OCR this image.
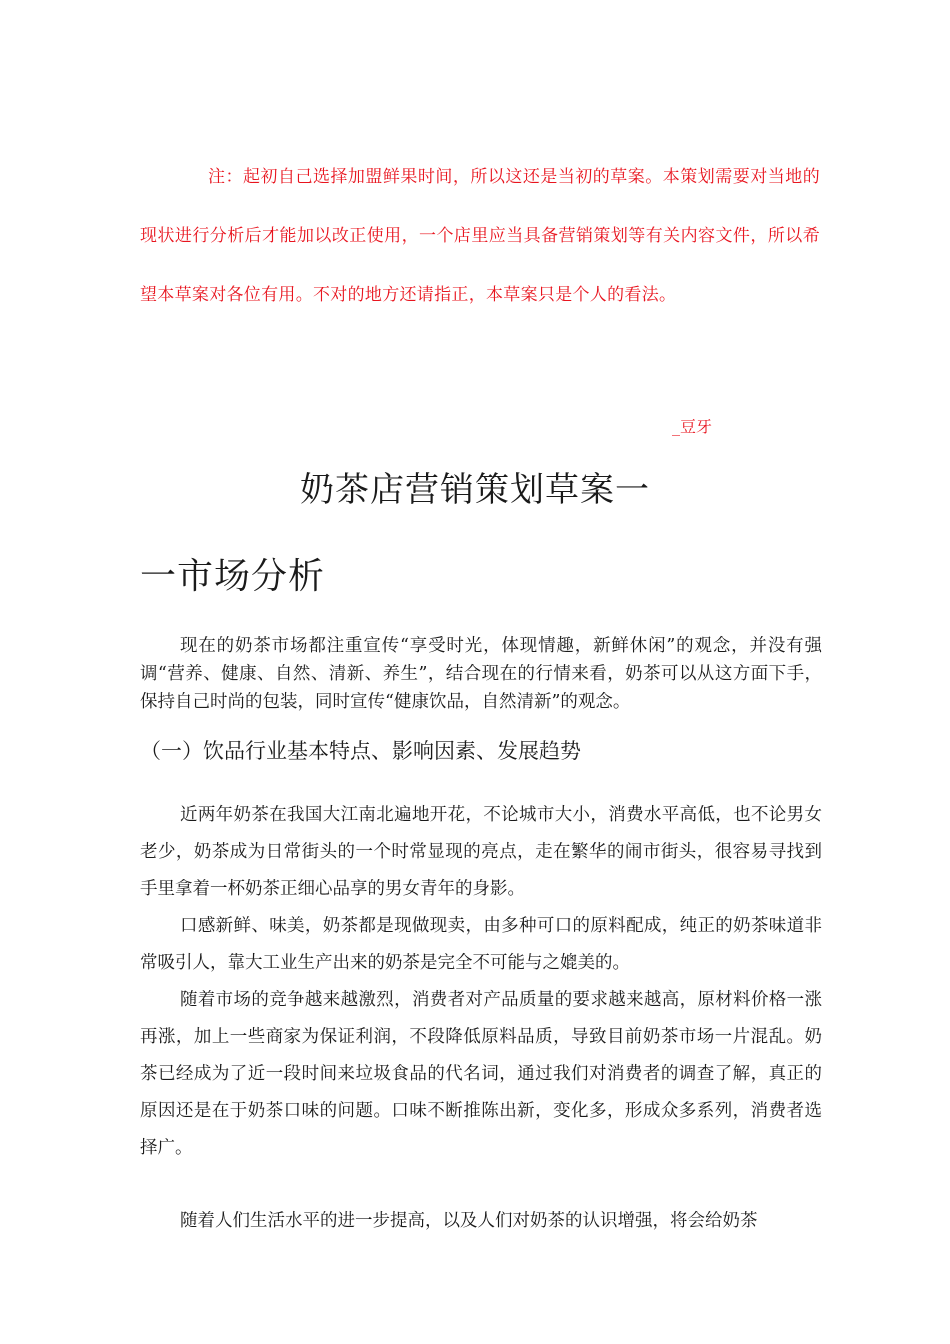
注：起初自己选择加盟鲜果时间，所以这还是当初的草案。本策划需要对当地的现状进行分析后才能加以改正使用，一个店里应当具备营销策划等有关内容文件，所以希望本草案对各位有用。不对的地方还请指正，本草案只是个人的看法。

_豆牙
奶茶店营销策划草案一
一市场分析

现在的奶茶市场都注重宣传“享受时光，体现情趣，新鲜休闲”的观念，并没有强调“营养、健康、自然、清新、养生”，结合现在的行情来看，奶茶可以从这方面下手，保持自己时尚的包装，同时宣传“健康饮品，自然清新”的观念。

（一）饮品行业基本特点、影响因素、发展趋势

近两年奶茶在我国大江南北遍地开花，不论城市大小，消费水平高低，也不论男女老少，奶茶成为日常街头的一个时常显现的亮点，走在繁华的闹市街头，很容易寻找到手里拿着一杯奶茶正细心品享的男女青年的身影。

口感新鲜、味美，奶茶都是现做现卖，由多种可口的原料配成，纯正的奶茶味道非常吸引人，靠大工业生产出来的奶茶是完全不可能与之媲美的。

随着市场的竞争越来越激烈，消费者对产品质量的要求越来越高，原材料价格一涨再涨，加上一些商家为保证利润，不段降低原料品质，导致目前奶茶市场一片混乱。奶茶已经成为了近一段时间来垃圾食品的代名词，通过我们对消费者的调查了解，真正的原因还是在于奶茶口味的问题。口味不断推陈出新，变化多，形成众多系列，消费者选择广。

随着人们生活水平的进一步提高，以及人们对奶茶的认识增强，将会给奶茶
